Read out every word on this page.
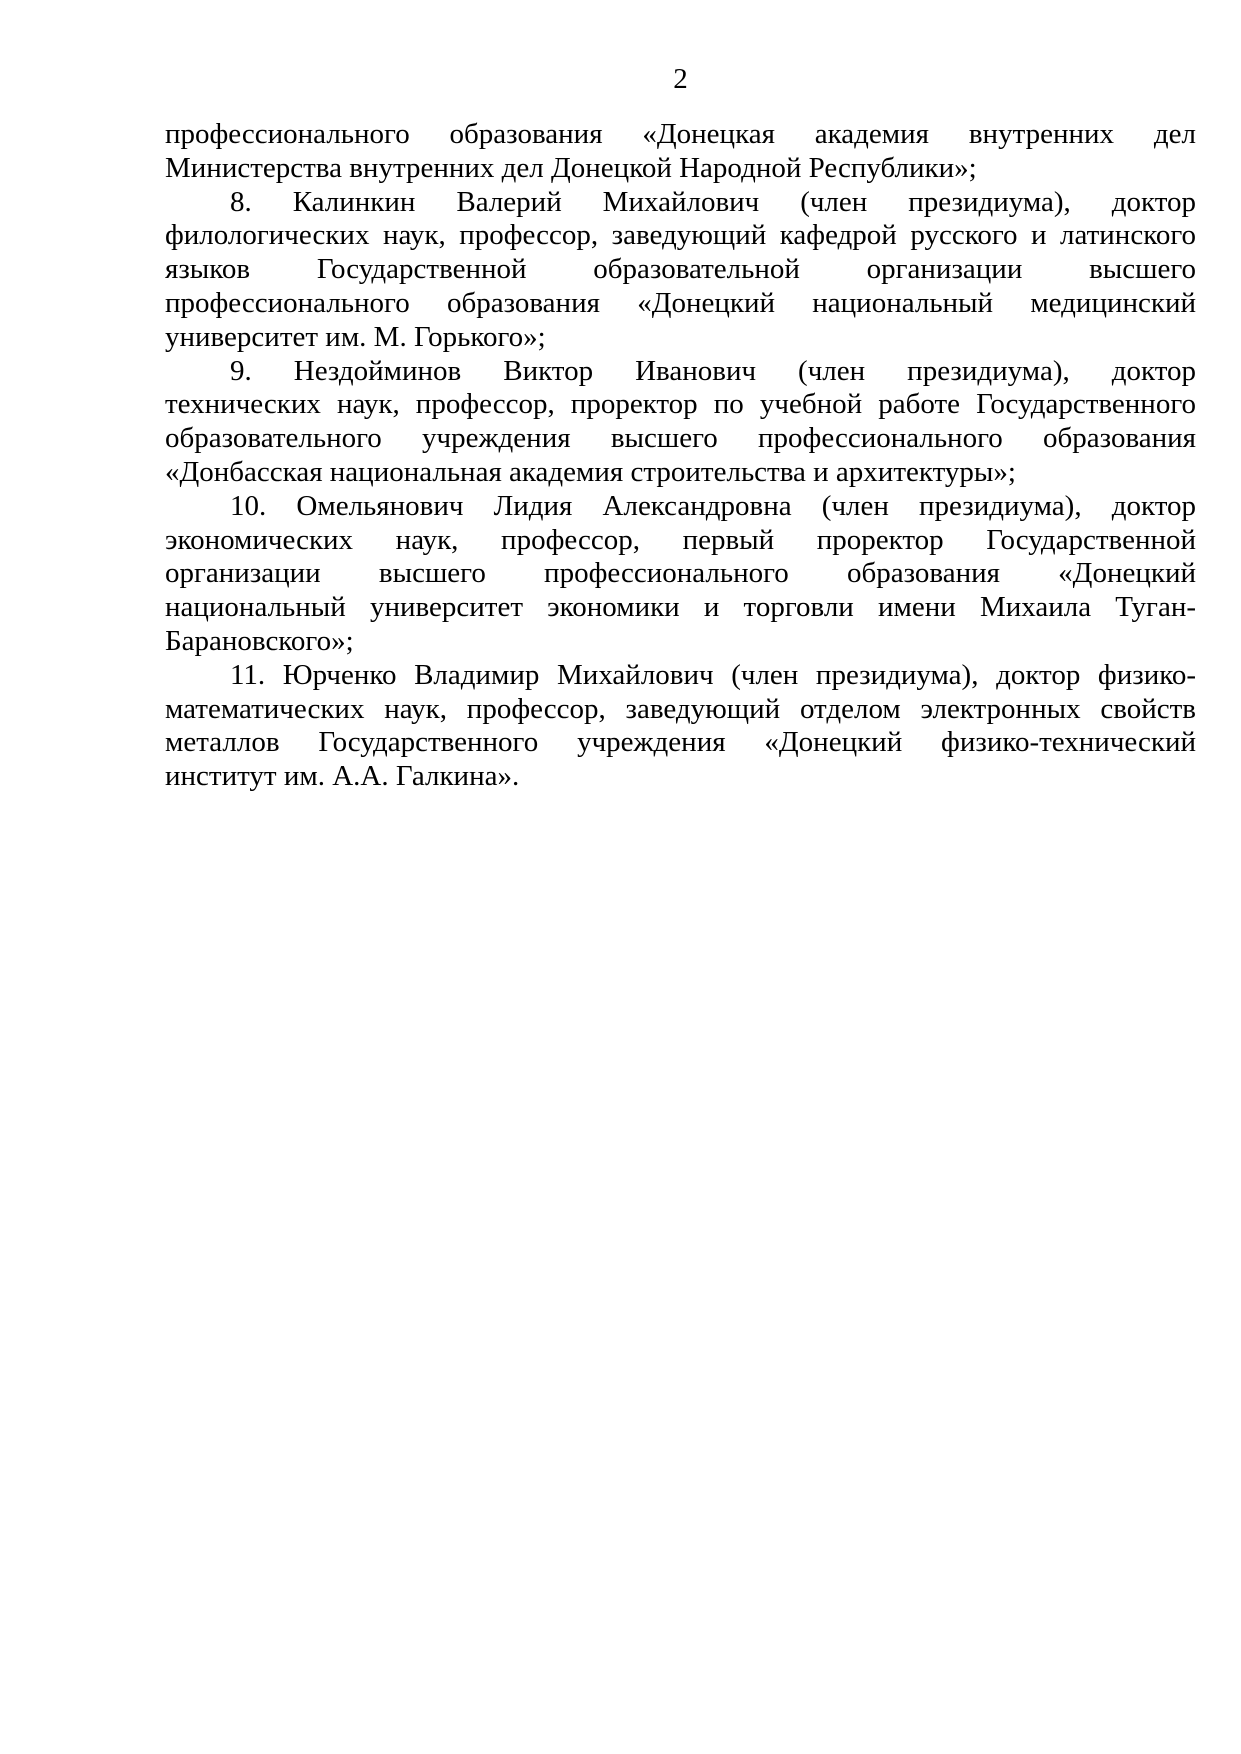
2
профессионального образования «Донецкая академия внутренних дел
Министерства внутренних дел Донецкой Народной Республики»;
8. Калинкин Валерий Михайлович (член президиума), доктор
филологических наук, профессор, заведующий кафедрой русского и латинского
языков Государственной образовательной организации высшего
профессионального образования «Донецкий национальный медицинский
университет им. М. Горького»;
9. Нездойминов Виктор Иванович (член президиума), доктор
технических наук, профессор, проректор по учебной работе Государственного
образовательного учреждения высшего профессионального образования
«Донбасская национальная академия строительства и архитектуры»;
10. Омельянович Лидия Александровна (член президиума), доктор
экономических наук, профессор, первый проректор Государственной
организации высшего профессионального образования «Донецкий
национальный университет экономики и торговли имени Михаила Туган-
Барановского»;
11. Юрченко Владимир Михайлович (член президиума), доктор физико-
математических наук, профессор, заведующий отделом электронных свойств
металлов Государственного учреждения «Донецкий физико-технический
институт им. А.А. Галкина».
